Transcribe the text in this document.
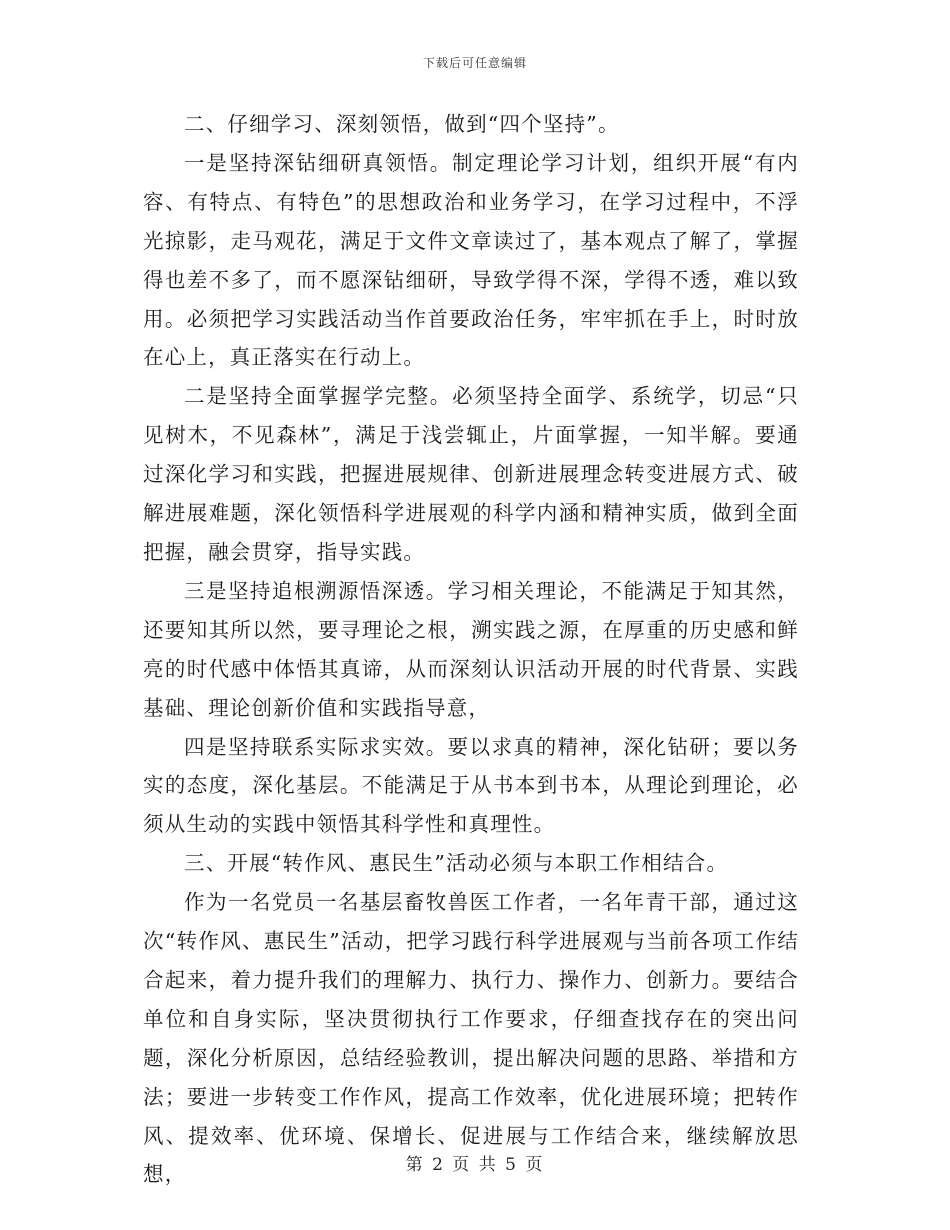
下载后可任意编辑

二、仔细学习、深刻领悟，做到“四个坚持”。

一是坚持深钻细研真领悟。制定理论学习计划，组织开展“有内容、有特点、有特色”的思想政治和业务学习，在学习过程中，不浮光掠影，走马观花，满足于文件文章读过了，基本观点了解了，掌握得也差不多了，而不愿深钻细研，导致学得不深，学得不透，难以致用。必须把学习实践活动当作首要政治任务，牢牢抓在手上，时时放在心上，真正落实在行动上。

二是坚持全面掌握学完整。必须坚持全面学、系统学，切忌“只见树木，不见森林”，满足于浅尝辄止，片面掌握，一知半解。要通过深化学习和实践，把握进展规律、创新进展理念转变进展方式、破解进展难题，深化领悟科学进展观的科学内涵和精神实质，做到全面把握，融会贯穿，指导实践。

三是坚持追根溯源悟深透。学习相关理论，不能满足于知其然，还要知其所以然，要寻理论之根，溯实践之源，在厚重的历史感和鲜亮的时代感中体悟其真谛，从而深刻认识活动开展的时代背景、实践基础、理论创新价值和实践指导意，

四是坚持联系实际求实效。要以求真的精神，深化钻研；要以务实的态度，深化基层。不能满足于从书本到书本，从理论到理论，必须从生动的实践中领悟其科学性和真理性。

三、开展“转作风、惠民生”活动必须与本职工作相结合。

作为一名党员一名基层畜牧兽医工作者，一名年青干部，通过这次“转作风、惠民生”活动，把学习践行科学进展观与当前各项工作结合起来，着力提升我们的理解力、执行力、操作力、创新力。要结合单位和自身实际，坚决贯彻执行工作要求，仔细查找存在的突出问题，深化分析原因，总结经验教训，提出解决问题的思路、举措和方法；要进一步转变工作作风，提高工作效率，优化进展环境；把转作风、提效率、优环境、保增长、促进展与工作结合来，继续解放思想，	第 2 页 共 5 页
